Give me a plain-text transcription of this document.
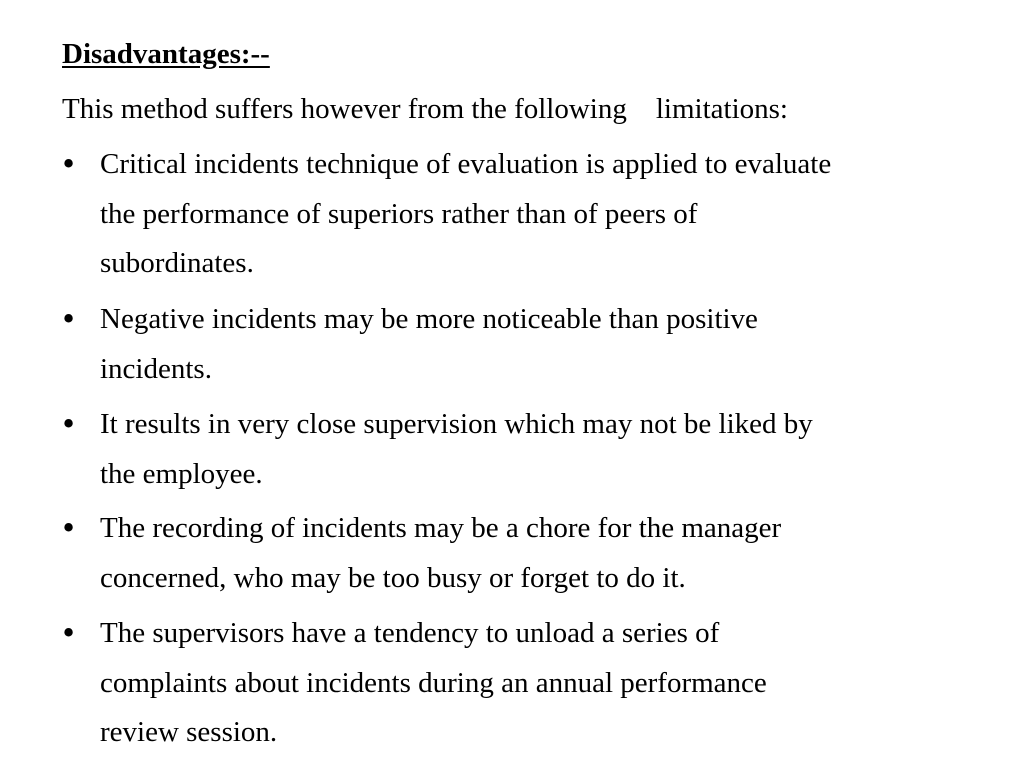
Disadvantages:--

This method suffers however from the following    limitations:

• Critical incidents technique of evaluation is applied to evaluate
the performance of superiors rather than of peers of
subordinates.
• Negative incidents may be more noticeable than positive
incidents.
• It results in very close supervision which may not be liked by
the employee.
• The recording of incidents may be a chore for the manager
concerned, who may be too busy or forget to do it.
• The supervisors have a tendency to unload a series of
complaints about incidents during an annual performance
review session.
